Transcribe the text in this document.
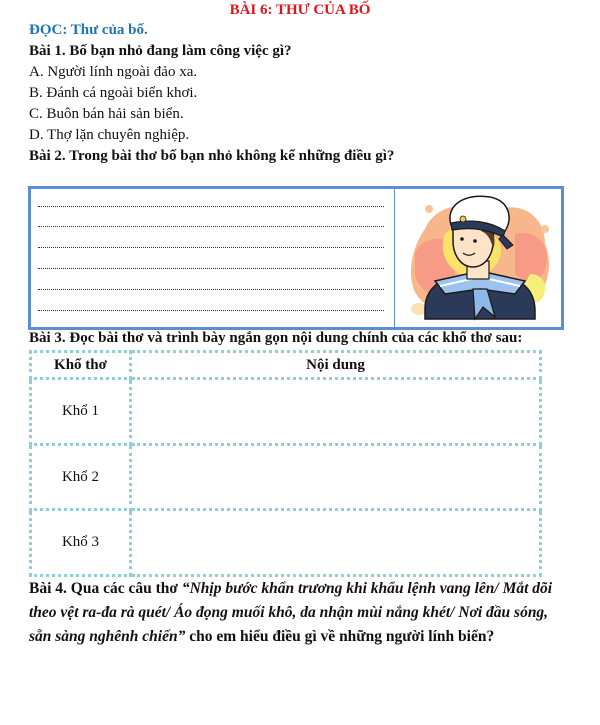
BÀI 6: THƯ CỦA BỐ
ĐỌC: Thư của bố.
Bài 1. Bố bạn nhỏ đang làm công việc gì?
A. Người lính ngoài đảo xa.
B. Đánh cá ngoài biển khơi.
C. Buôn bán hải sản biển.
D. Thợ lặn chuyên nghiệp.
Bài 2. Trong bài thơ bố bạn nhỏ không kể những điều gì?
Bài 3. Đọc bài thơ và trình bày ngắn gọn nội dung chính của các khổ thơ sau:
Khổ thơ	Nội dung
Khổ 1	
Khổ 2	
Khổ 3	
Bài 4. Qua các câu thơ “Nhịp bước khẩn trương khi khẩu lệnh vang lên/ Mắt dõi theo vệt ra-đa rà quét/ Áo đọng muối khô, da nhận mùi nắng khét/ Nơi đầu sóng, sẵn sàng nghênh chiến” cho em hiểu điều gì về những người lính biển?
